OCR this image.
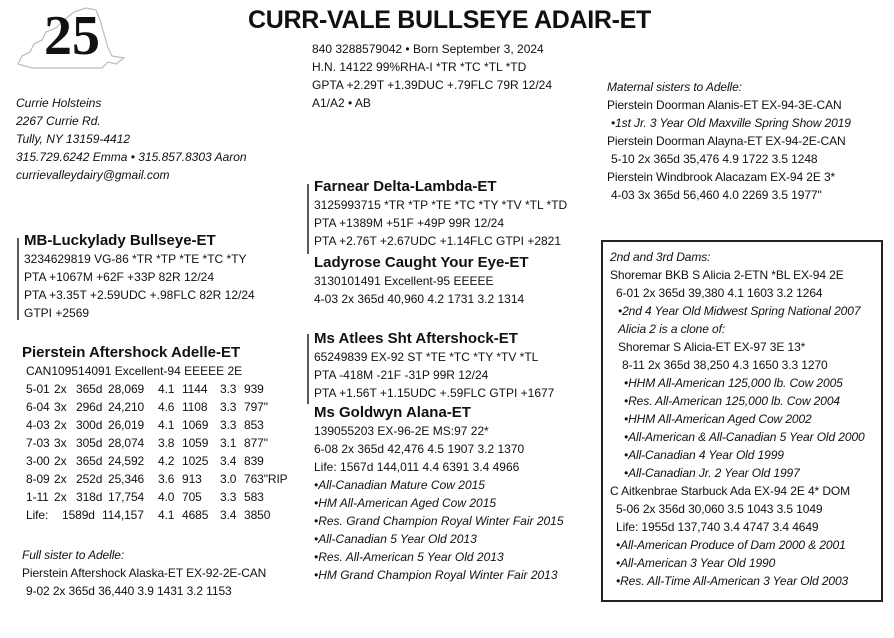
25	CURR-VALE BULLSEYE ADAIR-ET
840 3288579042 • Born September 3, 2024
H.N. 14122 99%RHA-I *TR *TC *TL *TD
GPTA +2.29T +1.39DUC +.79FLC 79R 12/24
A1/A2 • AB
Currie Holsteins
2267 Currie Rd.
Tully, NY 13159-4412
315.729.6242 Emma • 315.857.8303 Aaron
currievalleydairy@gmail.com
MB-Luckylady Bullseye-ET
3234629819 VG-86 *TR *TP *TE *TC *TY
PTA +1067M +62F +33P 82R 12/24
PTA +3.35T +2.59UDC +.98FLC 82R 12/24
GTPI +2569
Pierstein Aftershock Adelle-ET
CAN109514091 Excellent-94 EEEEE 2E
5-01 2x 365d 28,069	4.1 1144	3.3 939
6-04 3x 296d 24,210	4.6 1108	3.3 797"
4-03 2x 300d 26,019	4.1 1069 3.3 853
7-03 3x 305d 28,074	3.8 1059 3.1 877"
3-00 2x 365d 24,592	4.2 1025 3.4 839
8-09 2x 252d 25,346	3.6 913	3.0 763"RIP
1-11 2x 318d 17,754	4.0 705	3.3 583
Life:	1589d 114,157	4.1 4685 3.4 3850
Full sister to Adelle:
Pierstein Aftershock Alaska-ET EX-92-2E-CAN
9-02 2x 365d 36,440 3.9 1431 3.2 1153
Farnear Delta-Lambda-ET
3125993715 *TR *TP *TE *TC *TY *TV *TL *TD
PTA +1389M +51F +49P 99R 12/24
PTA +2.76T +2.67UDC +1.14FLC GTPI +2821
Ladyrose Caught Your Eye-ET
3130101491 Excellent-95 EEEEE
4-03 2x 365d 40,960 4.2 1731 3.2 1314
Ms Atlees Sht Aftershock-ET
65249839 EX-92 ST *TE *TC *TY *TV *TL
PTA -418M -21F -31P 99R 12/24
PTA +1.56T +1.15UDC +.59FLC GTPI +1677
Ms Goldwyn Alana-ET
139055203 EX-96-2E MS:97 22*
6-08 2x 365d 42,476 4.5 1907 3.2 1370
Life: 1567d 144,011 4.4 6391 3.4 4966
•All-Canadian Mature Cow 2015
•HM All-American Aged Cow 2015
•Res. Grand Champion Royal Winter Fair 2015
•All-Canadian 5 Year Old 2013
•Res. All-American 5 Year Old 2013
•HM Grand Champion Royal Winter Fair 2013
Maternal sisters to Adelle:
Pierstein Doorman Alanis-ET EX-94-3E-CAN
•1st Jr. 3 Year Old Maxville Spring Show 2019
Pierstein Doorman Alayna-ET EX-94-2E-CAN
5-10 2x 365d 35,476 4.9 1722 3.5 1248
Pierstein Windbrook Alacazam EX-94 2E 3*
4-03 3x 365d 56,460 4.0 2269 3.5 1977"
2nd and 3rd Dams:
Shoremar BKB S Alicia 2-ETN *BL EX-94 2E
6-01 2x 365d 39,380 4.1 1603 3.2 1264
•2nd 4 Year Old Midwest Spring National 2007
Alicia 2 is a clone of:
Shoremar S Alicia-ET EX-97 3E 13*
8-11 2x 365d 38,250 4.3 1650 3.3 1270
•HHM All-American 125,000 lb. Cow 2005
•Res. All-American 125,000 lb. Cow 2004
•HHM All-American Aged Cow 2002
•All-American & All-Canadian 5 Year Old 2000
•All-Canadian 4 Year Old 1999
•All-Canadian Jr. 2 Year Old 1997
C Aitkenbrae Starbuck Ada EX-94 2E 4* DOM
5-06 2x 356d 30,060 3.5 1043 3.5 1049
Life: 1955d 137,740 3.4 4747 3.4 4649
•All-American Produce of Dam 2000 & 2001
•All-American 3 Year Old 1990
•Res. All-Time All-American 3 Year Old 2003
